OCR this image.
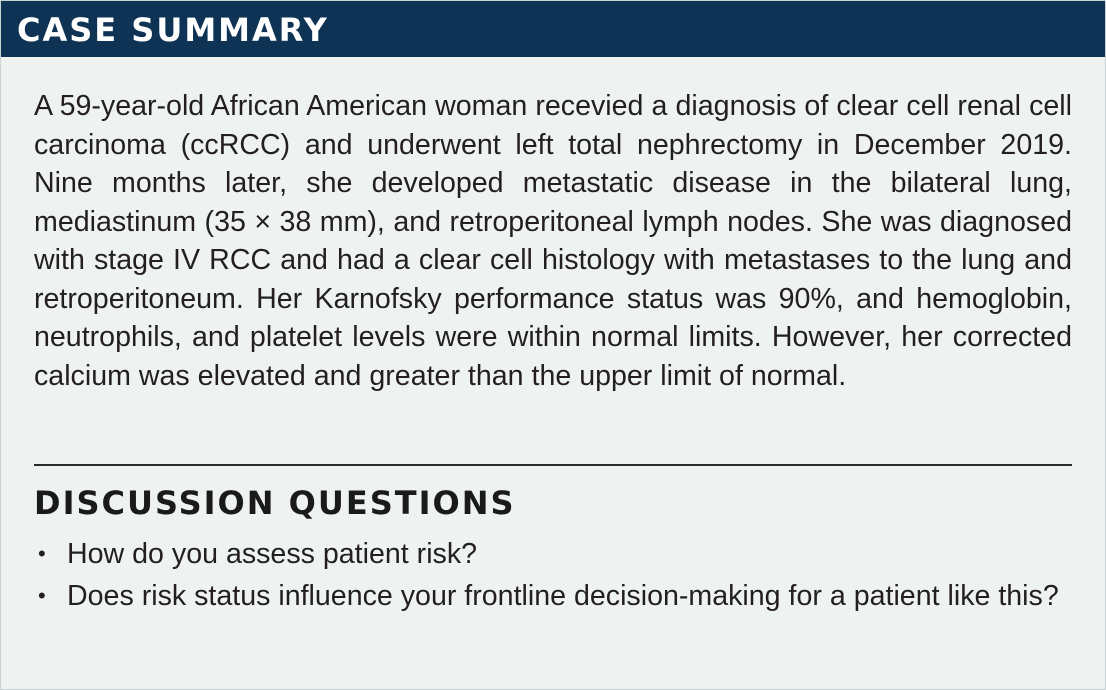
CASE SUMMARY

A 59-year-old African American woman recevied a diagnosis of clear cell renal cell carcinoma (ccRCC) and underwent left total nephrectomy in December 2019. Nine months later, she developed metastatic disease in the bilateral lung, mediastinum (35 × 38 mm), and retroperitoneal lymph nodes. She was diagnosed with stage IV RCC and had a clear cell histology with metastases to the lung and retroperitoneum. Her Karnofsky performance status was 90%, and hemoglobin, neutrophils, and platelet levels were within normal limits. However, her corrected calcium was elevated and greater than the upper limit of normal.

DISCUSSION QUESTIONS
• How do you assess patient risk?
• Does risk status influence your frontline decision-making for a patient like this?
